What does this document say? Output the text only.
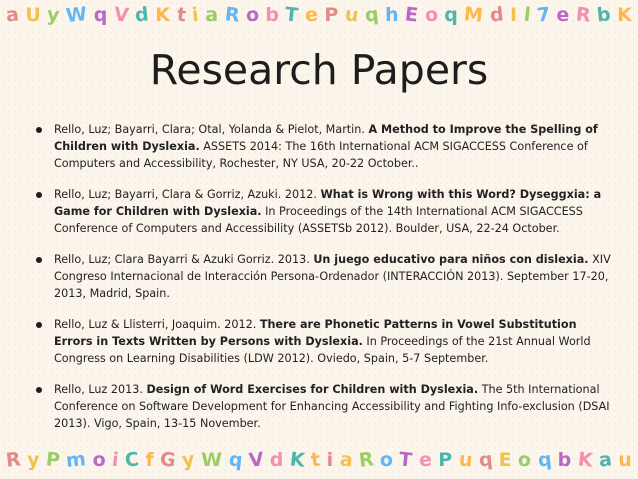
a U y W q V d K t i a R o b T e P u q h E o q M d I l 7 e R b K
Research Papers
Rello, Luz; Bayarri, Clara; Otal, Yolanda & Pielot, Martin. A Method to Improve the Spelling of Children with Dyslexia. ASSETS 2014: The 16th International ACM SIGACCESS Conference of Computers and Accessibility, Rochester, NY USA, 20-22 October..
Rello, Luz; Bayarri, Clara & Gorriz, Azuki. 2012. What is Wrong with this Word? Dyseggxia: a Game for Children with Dyslexia. In Proceedings of the 14th International ACM SIGACCESS Conference of Computers and Accessibility (ASSETSb 2012). Boulder, USA, 22-24 October.
Rello, Luz; Clara Bayarri & Azuki Gorriz. 2013. Un juego educativo para niños con dislexia. XIV Congreso Internacional de Interacción Persona-Ordenador (INTERACCIÓN 2013). September 17-20, 2013, Madrid, Spain.
Rello, Luz & Llisterri, Joaquim. 2012. There are Phonetic Patterns in Vowel Substitution Errors in Texts Written by Persons with Dyslexia. In Proceedings of the 21st Annual World Congress on Learning Disabilities (LDW 2012). Oviedo, Spain, 5-7 September.
Rello, Luz 2013. Design of Word Exercises for Children with Dyslexia. The 5th International Conference on Software Development for Enhancing Accessibility and Fighting Info-exclusion (DSAI 2013). Vigo, Spain, 13-15 November.
R y P m o i C f G y W q V d K t i a R o T e P u q E o q b K a u
